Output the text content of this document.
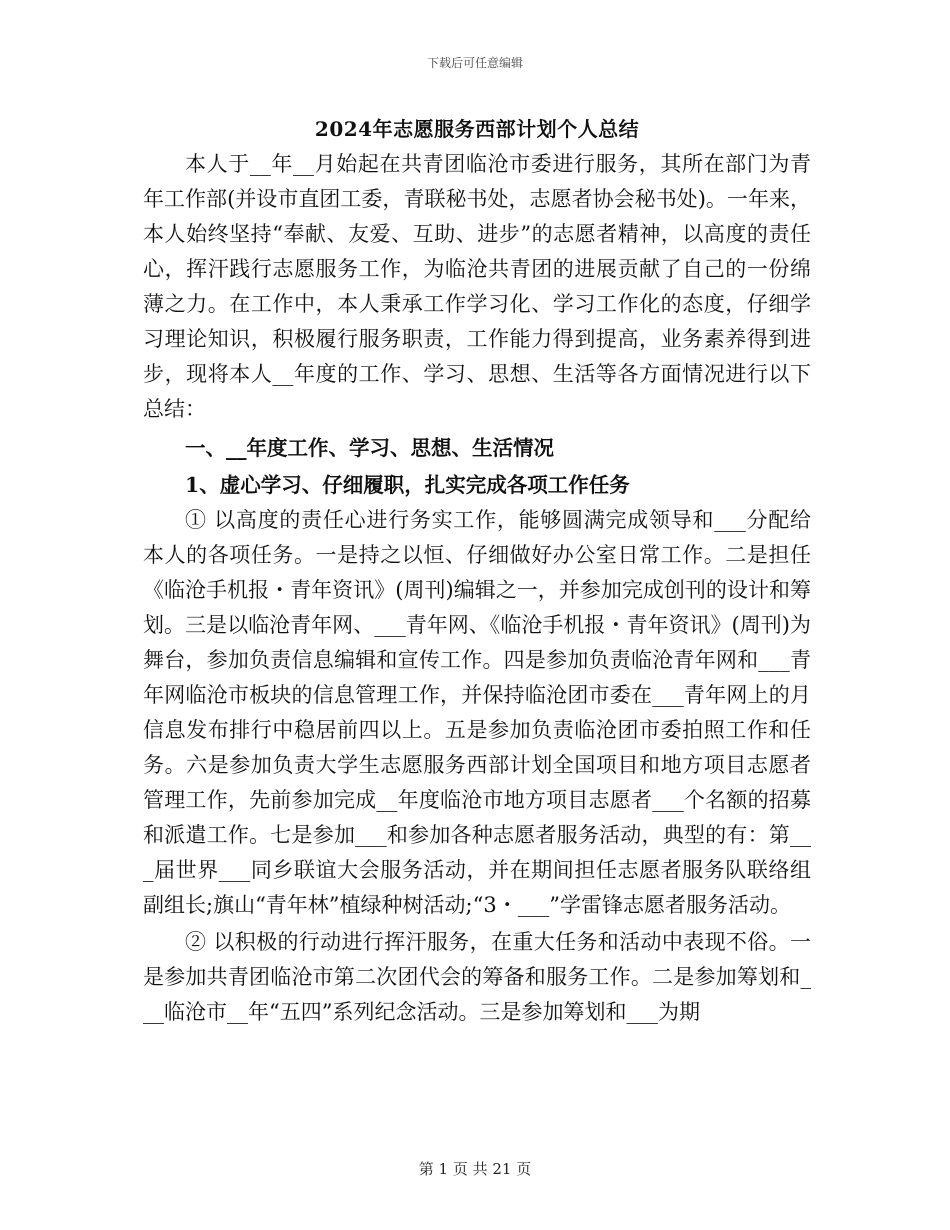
下载后可任意编辑
2024年志愿服务西部计划个人总结

本人于__年__月始起在共青团临沧市委进行服务，其所在部门为青年工作部(并设市直团工委，青联秘书处，志愿者协会秘书处)。一年来，本人始终坚持“奉献、友爱、互助、进步”的志愿者精神，以高度的责任心，挥汗践行志愿服务工作，为临沧共青团的进展贡献了自己的一份绵薄之力。在工作中，本人秉承工作学习化、学习工作化的态度，仔细学习理论知识，积极履行服务职责，工作能力得到提高，业务素养得到进步，现将本人__年度的工作、学习、思想、生活等各方面情况进行以下总结：

一、__年度工作、学习、思想、生活情况
1、虚心学习、仔细履职，扎实完成各项工作任务

① 以高度的责任心进行务实工作，能够圆满完成领导和___分配给本人的各项任务。一是持之以恒、仔细做好办公室日常工作。二是担任《临沧手机报・青年资讯》(周刊)编辑之一，并参加完成创刊的设计和筹划。三是以临沧青年网、___青年网、《临沧手机报・青年资讯》(周刊)为舞台，参加负责信息编辑和宣传工作。四是参加负责临沧青年网和___青年网临沧市板块的信息管理工作，并保持临沧团市委在___青年网上的月信息发布排行中稳居前四以上。五是参加负责临沧团市委拍照工作和任务。六是参加负责大学生志愿服务西部计划全国项目和地方项目志愿者管理工作，先前参加完成__年度临沧市地方项目志愿者___个名额的招募和派遣工作。七是参加___和参加各种志愿者服务活动，典型的有：第___届世界___同乡联谊大会服务活动，并在期间担任志愿者服务队联络组副组长;旗山“青年林”植绿种树活动;“3・___”学雷锋志愿者服务活动。

② 以积极的行动进行挥汗服务，在重大任务和活动中表现不俗。一是参加共青团临沧市第二次团代会的筹备和服务工作。二是参加筹划和___临沧市__年“五四”系列纪念活动。三是参加筹划和___为期

第 1 页 共 21 页
